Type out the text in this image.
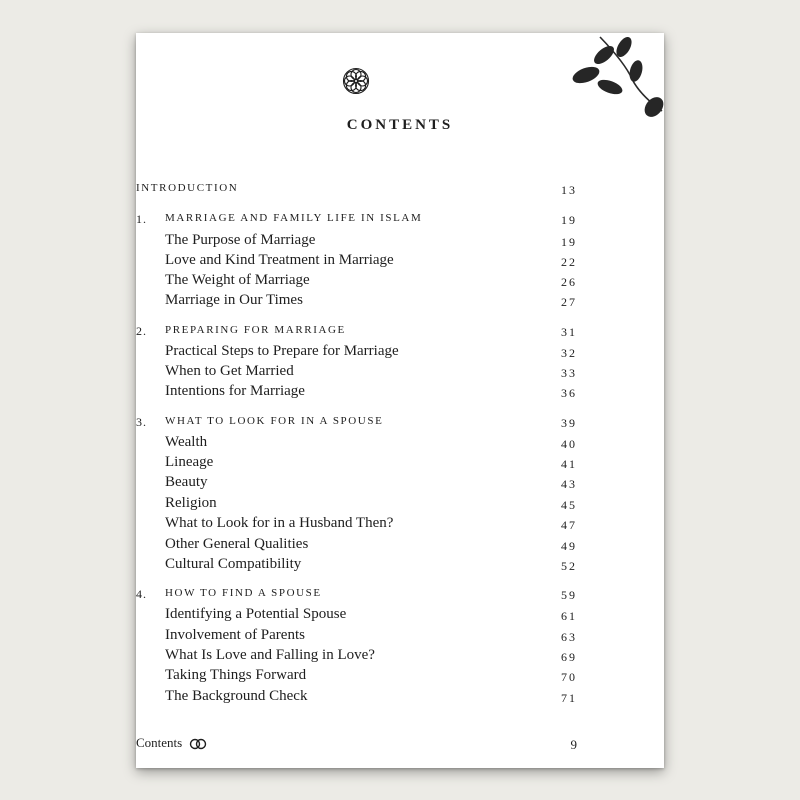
CONTENTS
INTRODUCTION	13
1. MARRIAGE AND FAMILY LIFE IN ISLAM	19
The Purpose of Marriage	19
Love and Kind Treatment in Marriage	22
The Weight of Marriage	26
Marriage in Our Times	27
2. PREPARING FOR MARRIAGE	31
Practical Steps to Prepare for Marriage	32
When to Get Married	33
Intentions for Marriage	36
3. WHAT TO LOOK FOR IN A SPOUSE	39
Wealth	40
Lineage	41
Beauty	43
Religion	45
What to Look for in a Husband Then?	47
Other General Qualities	49
Cultural Compatibility	52
4. HOW TO FIND A SPOUSE	59
Identifying a Potential Spouse	61
Involvement of Parents	63
What Is Love and Falling in Love?	69
Taking Things Forward	70
The Background Check	71
Contents	9
